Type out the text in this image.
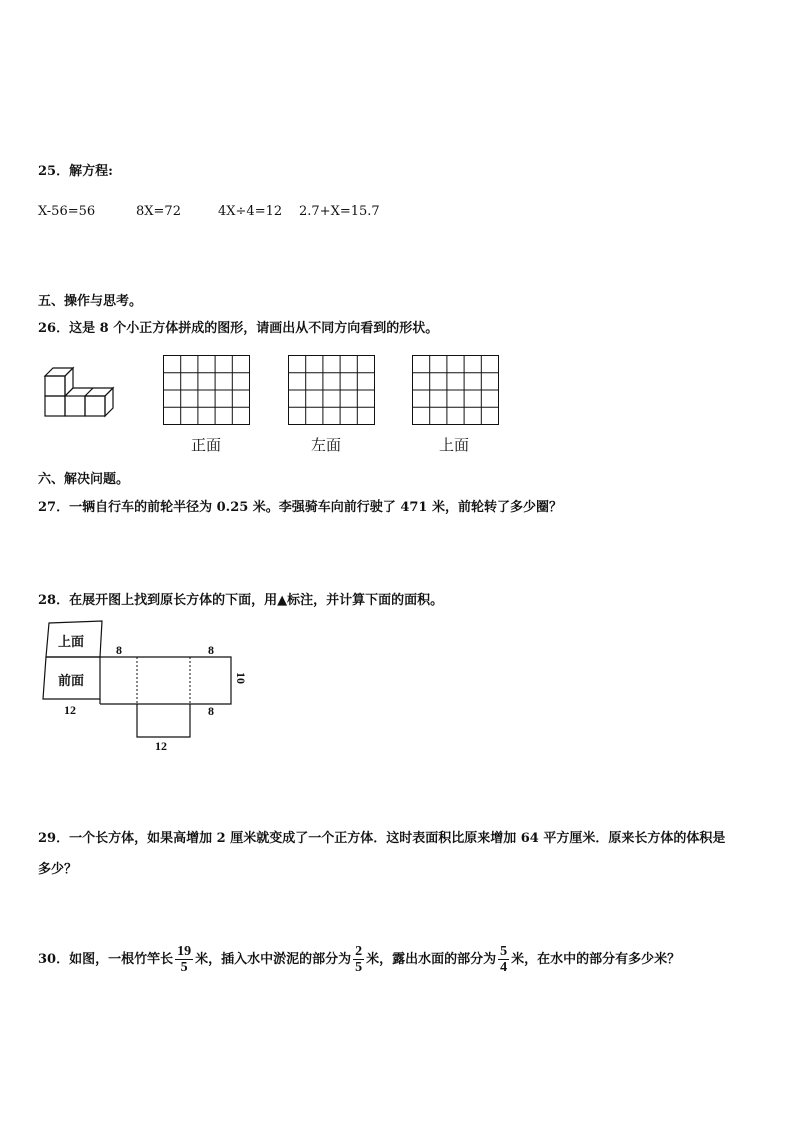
25．解方程:
X-56=56	8X=72	4X÷4=12 2.7+X=15.7
五、操作与思考。
26．这是 8 个小正方体拼成的图形，请画出从不同方向看到的形状。
正面	左面	上面
六、解决问题。
27．一辆自行车的前轮半径为 0.25 米。李强骑车向前行驶了 471 米，前轮转了多少圈？
28．在展开图上找到原长方体的下面，用▲标注，并计算下面的面积。
上面
前面
8	8
10
12	8
12
29．一个长方体，如果高增加 2 厘米就变成了一个正方体．这时表面积比原来增加 64 平方厘米．原来长方体的体积是
多少？
30．如图，一根竹竿长 $\frac{19}{5}$ 米，插入水中淤泥的部分为 $\frac{2}{5}$ 米，露出水面的部分为 $\frac{5}{4}$ 米，在水中的部分有多少米？
